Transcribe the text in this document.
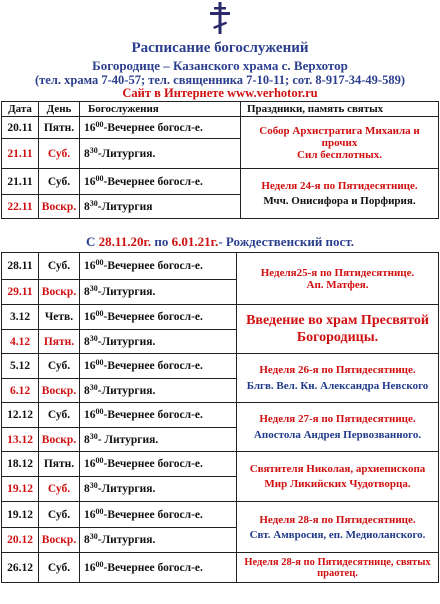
Расписание богослужений
Богородице – Казанского храма с. Верхотор
(тел. храма 7-40-57; тел. священника 7-10-11; сот. 8-917-34-49-589)
Сайт в Интернете www.verhotor.ru
Дата	День	Богослужения	Праздники, память святых
20.11	Пятн.	$16^{00}$-Вечернее богосл-е.	Собор Архистратига Михаила и прочих
Сил бесплотных.

21.11	Суб.	$8^{30}$-Литургия.	
21.11	Суб.	$16^{00}$-Вечернее богосл-е.	Неделя 24-я по Пятидесятнице.
Мчч. Онисифора и Порфирия.

22.11	Воскр.	$8^{30}$-Литургия	
С 28.11.20г. по 6.01.21г.- Рождественский пост.
28.11	Суб.	$16^{00}$-Вечернее богосл-е.	Неделя25-я по Пятидесятнице.
Ап. Матфея.

29.11	Воскр.	$8^{30}$-Литургия.	
3.12	Четв.	$16^{00}$-Вечернее богосл-е.	Введение во храм Пресвятой
Богородицы.

4.12	Пятн.	$8^{30}$-Литургия.	
5.12	Суб.	$16^{00}$-Вечернее богосл-е.	Неделя 26-я по Пятидесятнице.
Блгв. Вел. Кн. Александра Невского

6.12	Воскр.	$8^{30}$-Литургия.	
12.12	Суб.	$16^{00}$-Вечернее богосл-е.	Неделя 27-я по Пятидесятнице.
Апостола Андрея Первозванного.

13.12	Воскр.	$8^{30}-$ Литургия.	
18.12	Пятн.	$16^{00}$-Вечернее богосл-е.	Святителя Николая, архиепископа
Мир Ликийских Чудотворца.

19.12	Суб.	$8^{30}$-Литургия.	
19.12	Суб.	$16^{00}$-Вечернее богосл-е.	Неделя 28-я по Пятидесятнице.
Свт. Амвросия, еп. Медиоланского.

20.12	Воскр.	$8^{30}$-Литургия.	
26.12	Суб.	$16^{00}$-Вечернее богосл-е.	Неделя 28-я по Пятидесятнице, святых
праотец.
